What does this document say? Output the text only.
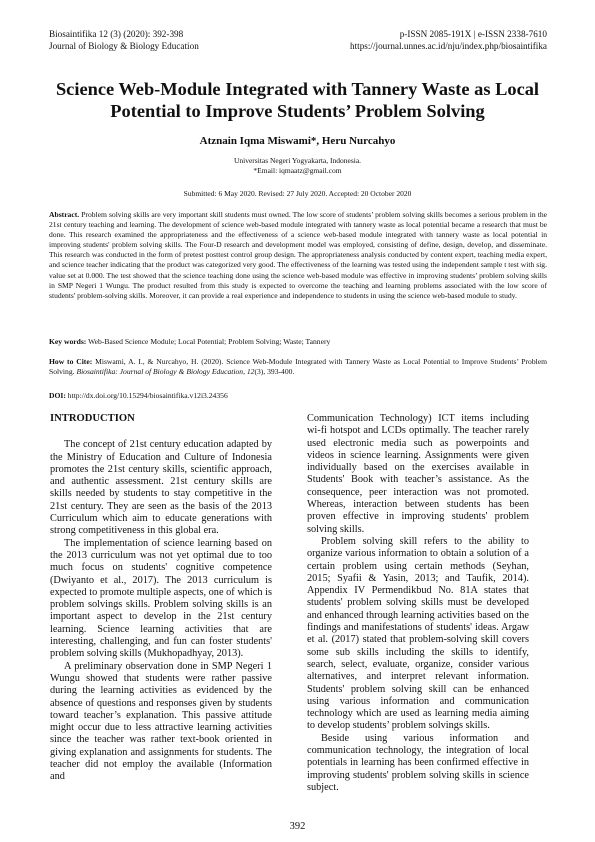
Biosaintifika 12 (3) (2020): 392-398
Journal of Biology & Biology Education
p-ISSN 2085-191X | e-ISSN 2338-7610
https://journal.unnes.ac.id/nju/index.php/biosaintifika
Science Web-Module Integrated with Tannery Waste as Local
Potential to Improve Students’ Problem Solving
Atznain Iqma Miswami*, Heru Nurcahyo
Universitas Negeri Yogyakarta, Indonesia.
*Email: iqmaatz@gmail.com
Submitted: 6 May 2020. Revised: 27 July 2020. Accepted: 20 October 2020
Abstract. Problem solving skills are very important skill students must owned. The low score of students’ problem solving skills becomes a serious problem in the 21st century teaching and learning. The development of science web-based module integrated with tannery waste as local potential became a research that must be done. This research examined the appropriateness and the effectiveness of a science web-based module integrated with tannery waste as local potential in improving students' problem solving skills. The Four-D research and development model was employed, consisting of define, design, develop, and disseminate. This research was conducted in the form of pretest posttest control group design. The appropriateness analysis conducted by content expert, teaching media expert, and science teacher indicating that the product was categorized very good. The effectiveness of the learning was tested using the independent sample t test with sig. value set at 0.000. The test showed that the science teaching done using the science web-based module was effective in improving students’ problem solving skills in SMP Negeri 1 Wungu. The product resulted from this study is expected to overcome the teaching and learning problems associated with the low score of students' problem-solving skills. Moreover, it can provide a real experience and independence to students in using the science web-based module to study.
Key words: Web-Based Science Module; Local Potential; Problem Solving; Waste; Tannery
How to Cite: Miswami, A. I., & Nurcahyo, H. (2020). Science Web-Module Integrated with Tannery Waste as Local Potential to Improve Students’ Problem Solving. Biosaintifika: Journal of Biology & Biology Education, 12(3), 393-400.
DOI: http://dx.doi.org/10.15294/biosaintifika.v12i3.24356
INTRODUCTION

The concept of 21st century education adapted by the Ministry of Education and Culture of Indonesia promotes the 21st century skills, scientific approach, and authentic assessment. 21st century skills are skills needed by students to stay competitive in the 21st century. They are seen as the basis of the 2013 Curriculum which aim to educate generations with strong competitiveness in this global era.

The implementation of science learning based on the 2013 curriculum was not yet optimal due to too much focus on students' cognitive competence (Dwiyanto et al., 2017). The 2013 curriculum is expected to promote multiple aspects, one of which is problem solvings skills. Problem solving skills is an important aspect to develop in the 21st century learning. Science learning activities that are interesting, challenging, and fun can foster students' problem solving skills (Mukhopadhyay, 2013).

A preliminary observation done in SMP Negeri 1 Wungu showed that students were rather passive during the learning activities as evidenced by the absence of questions and responses given by students toward teacher’s explanation. This passive attitude might occur due to less attractive learning activities since the teacher was rather text-book oriented in giving explanation and assignments for students. The teacher did not employ the available (Information and

Communication Technology) ICT items including wi-fi hotspot and LCDs optimally. The teacher rarely used electronic media such as powerpoints and videos in science learning. Assignments were given individually based on the exercises available in Students' Book with teacher’s assistance. As the consequence, peer interaction was not promoted. Whereas, interaction between students has been proven effective in improving students' problem solving skills.

Problem solving skill refers to the ability to organize various information to obtain a solution of a certain problem using certain methods (Seyhan, 2015; Syafii & Yasin, 2013; and Taufik, 2014). Appendix IV Permendikbud No. 81A states that students' problem solving skills must be developed and enhanced through learning activities based on the findings and manifestations of students' ideas. Argaw et al. (2017) stated that problem-solving skill covers some sub skills including the skills to identify, search, select, evaluate, organize, consider various alternatives, and interpret relevant information. Students' problem solving skill can be enhanced using various information and communication technology which are used as learning media aiming to develop students’ problem solvings skills.

Beside using various information and communication technology, the integration of local potentials in learning has been confirmed effective in improving students' problem solving skills in science subject.

392
